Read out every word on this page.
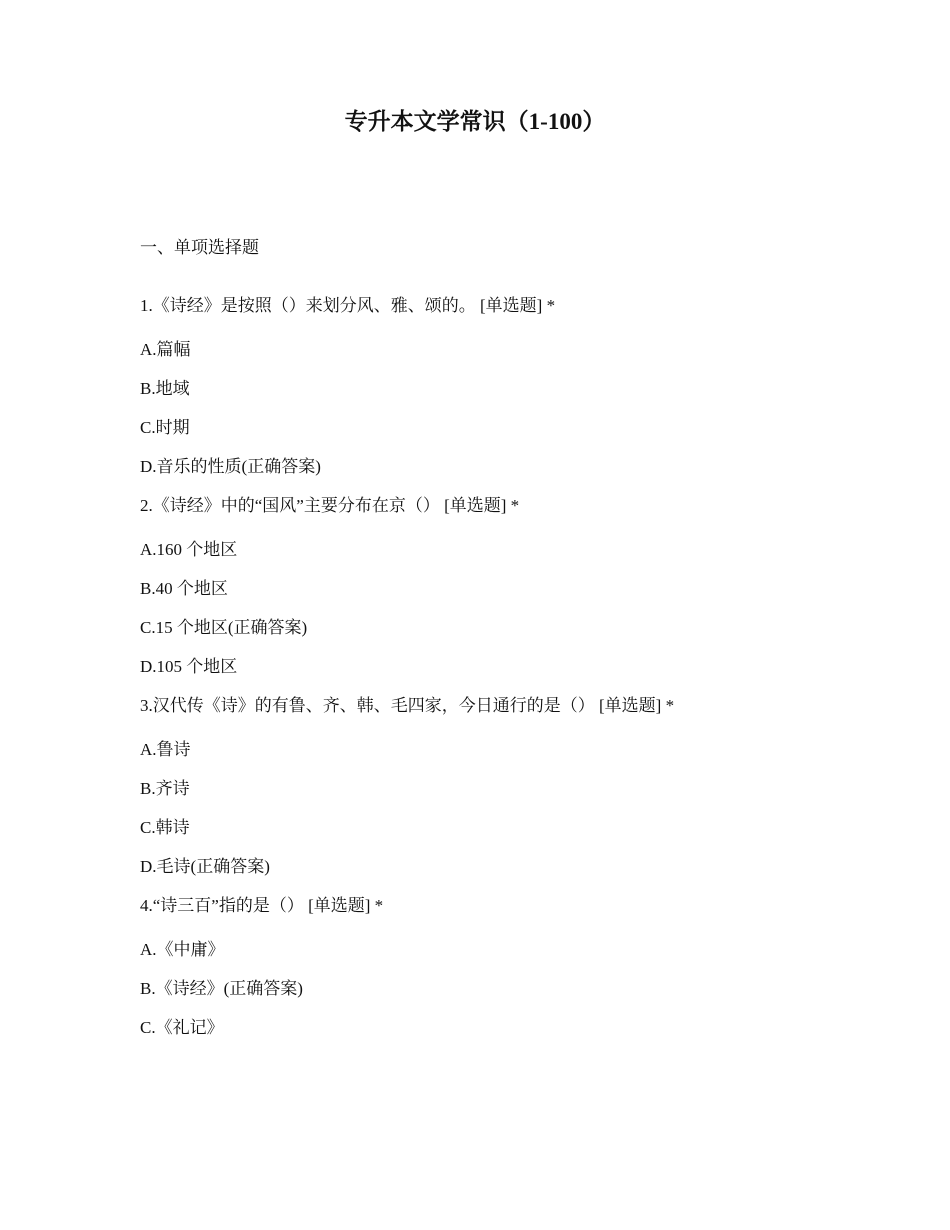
专升本文学常识（1-100）
一、单项选择题
1.《诗经》是按照（）来划分风、雅、颂的。 [单选题] *
A.篇幅
B.地域
C.时期
D.音乐的性质(正确答案)
2.《诗经》中的“国风”主要分布在京（） [单选题] *
A.160 个地区
B.40 个地区
C.15 个地区(正确答案)
D.105 个地区
3.汉代传《诗》的有鲁、齐、韩、毛四家，今日通行的是（） [单选题] *
A.鲁诗
B.齐诗
C.韩诗
D.毛诗(正确答案)
4.“诗三百”指的是（） [单选题] *
A.《中庸》
B.《诗经》(正确答案)
C.《礼记》
